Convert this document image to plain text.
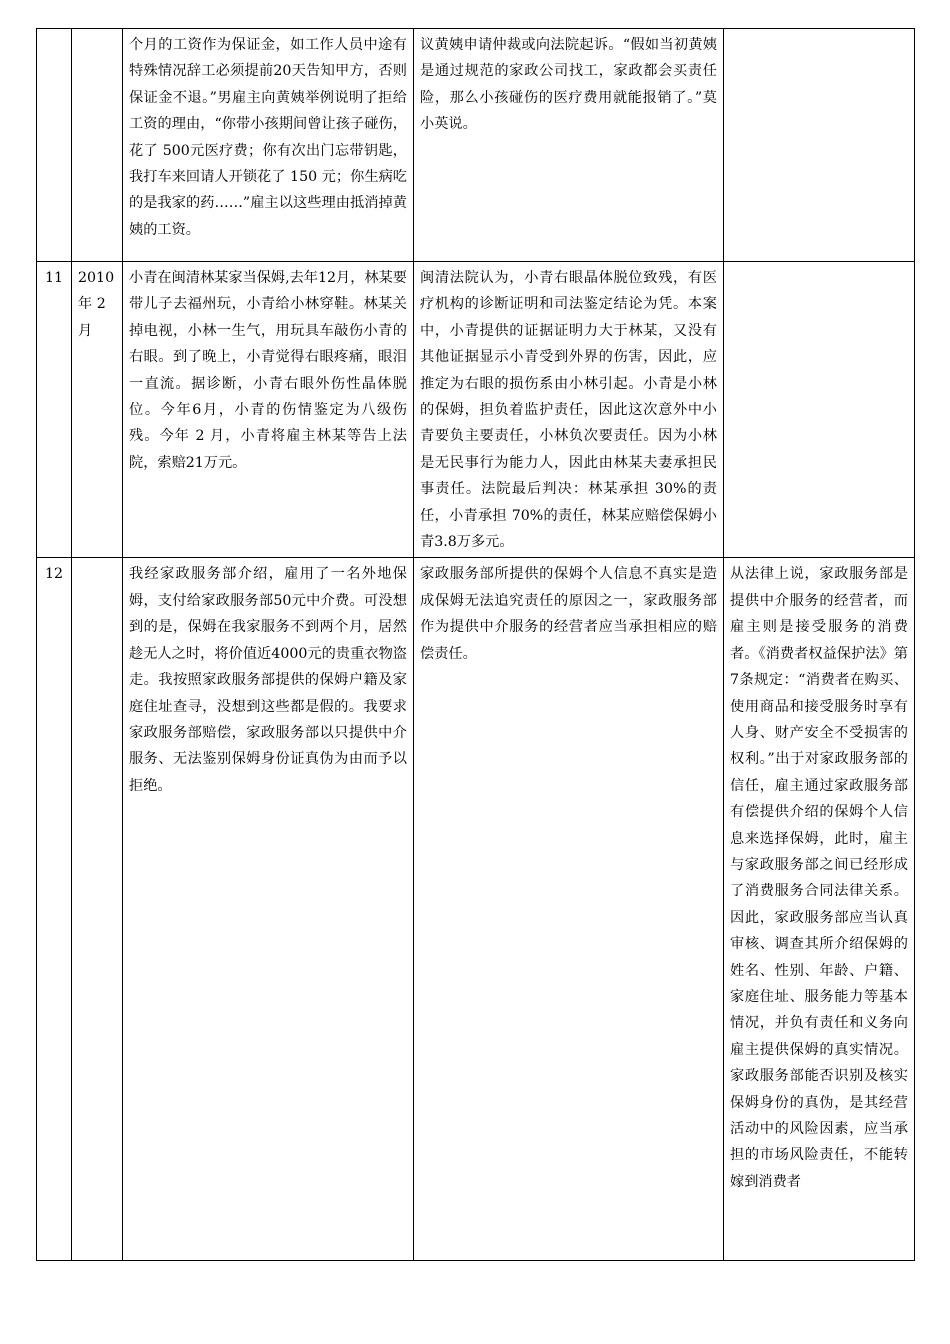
		个月的工资作为保证金，如工作人员中途有特殊情况辞工必须提前20天告知甲方，否则保证金不退。”男雇主向黄姨举例说明了拒给工资的理由，“你带小孩期间曾让孩子碰伤，花了 500元医疗费；你有次出门忘带钥匙，我打车来回请人开锁花了 150 元；你生病吃的是我家的药……”雇主以这些理由抵消掉黄姨的工资。	议黄姨申请仲裁或向法院起诉。“假如当初黄姨是通过规范的家政公司找工，家政都会买责任险，那么小孩碰伤的医疗费用就能报销了。”莫小英说。	
11	2010年 2月	小青在闽清林某家当保姆,去年12月，林某要带儿子去福州玩，小青给小林穿鞋。林某关掉电视，小林一生气，用玩具车敲伤小青的右眼。到了晚上，小青觉得右眼疼痛，眼泪一直流。据诊断，小青右眼外伤性晶体脱位。今年6月，小青的伤情鉴定为八级伤残。今年 2 月，小青将雇主林某等告上法院，索赔21万元。	闽清法院认为，小青右眼晶体脱位致残，有医疗机构的诊断证明和司法鉴定结论为凭。本案中，小青提供的证据证明力大于林某，又没有其他证据显示小青受到外界的伤害，因此，应推定为右眼的损伤系由小林引起。小青是小林的保姆，担负着监护责任，因此这次意外中小青要负主要责任，小林负次要责任。因为小林是无民事行为能力人，因此由林某夫妻承担民事责任。法院最后判决：林某承担 30%的责任，小青承担 70%的责任，林某应赔偿保姆小青3.8万多元。	
12		我经家政服务部介绍，雇用了一名外地保姆，支付给家政服务部50元中介费。可没想到的是，保姆在我家服务不到两个月，居然趁无人之时，将价值近4000元的贵重衣物盗走。我按照家政服务部提供的保姆户籍及家庭住址查寻，没想到这些都是假的。我要求家政服务部赔偿，家政服务部以只提供中介服务、无法鉴别保姆身份证真伪为由而予以拒绝。	家政服务部所提供的保姆个人信息不真实是造成保姆无法追究责任的原因之一，家政服务部作为提供中介服务的经营者应当承担相应的赔偿责任。	从法律上说，家政服务部是提供中介服务的经营者，而雇主则是接受服务的消费者。《消费者权益保护法》第7条规定：“消费者在购买、使用商品和接受服务时享有人身、财产安全不受损害的权利。”出于对家政服务部的信任，雇主通过家政服务部有偿提供介绍的保姆个人信息来选择保姆，此时，雇主与家政服务部之间已经形成了消费服务合同法律关系。因此，家政服务部应当认真审核、调查其所介绍保姆的姓名、性别、年龄、户籍、家庭住址、服务能力等基本情况，并负有责任和义务向雇主提供保姆的真实情况。家政服务部能否识别及核实保姆身份的真伪，是其经营活动中的风险因素，应当承担的市场风险责任，不能转嫁到消费者
